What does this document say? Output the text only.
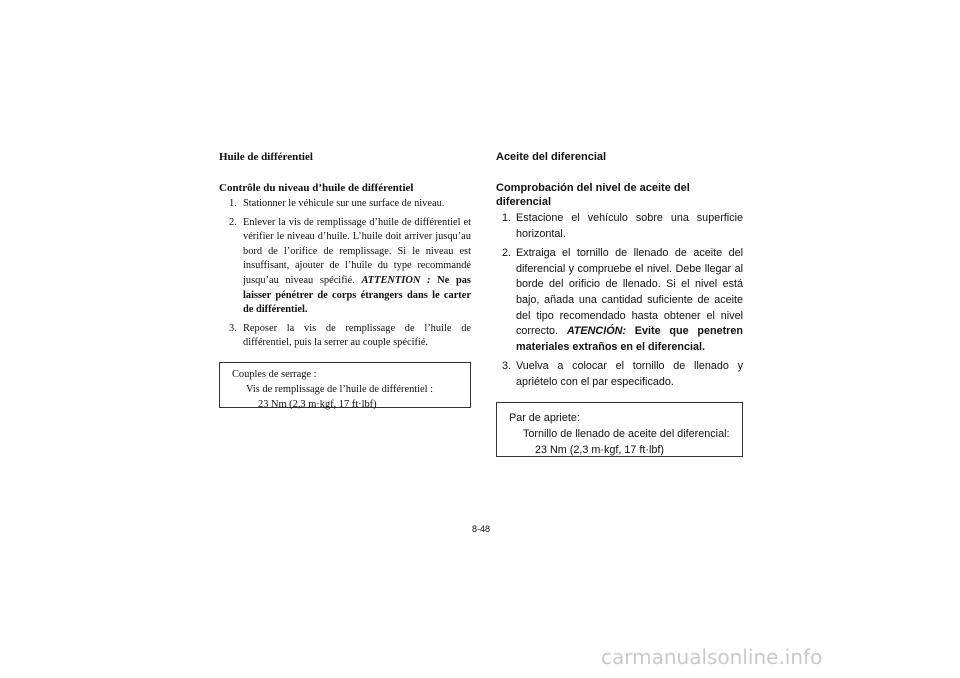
Huile de différentiel
Contrôle du niveau d’huile de différentiel
1. Stationner le véhicule sur une surface de niveau.
2. Enlever la vis de remplissage d’huile de différentiel et vérifier le niveau d’huile. L’huile doit arriver jusqu’au bord de l’orifice de remplissage. Si le niveau est insuffisant, ajouter de l’huile du type recommandé jusqu’au niveau spécifié. ATTENTION : Ne pas laisser pénétrer de corps étrangers dans le carter de différentiel.
3. Reposer la vis de remplissage de l’huile de différentiel, puis la serrer au couple spécifié.
Couples de serrage :
Vis de remplissage de l’huile de différentiel :
23 Nm (2,3 m·kgf, 17 ft·lbf)
Aceite del diferencial
Comprobación del nivel de aceite del diferencial
1. Estacione el vehículo sobre una superficie horizontal.
2. Extraiga el tornillo de llenado de aceite del diferencial y compruebe el nivel. Debe llegar al borde del orificio de llenado. Si el nivel está bajo, añada una cantidad suficiente de aceite del tipo recomendado hasta obtener el nivel correcto. ATENCIÓN: Evite que penetren materiales extraños en el diferencial.
3. Vuelva a colocar el tornillo de llenado y apriételo con el par especificado.
Par de apriete:
Tornillo de llenado de aceite del diferencial:
23 Nm (2,3 m·kgf, 17 ft·lbf)
8-48
carmanualsonline.info
